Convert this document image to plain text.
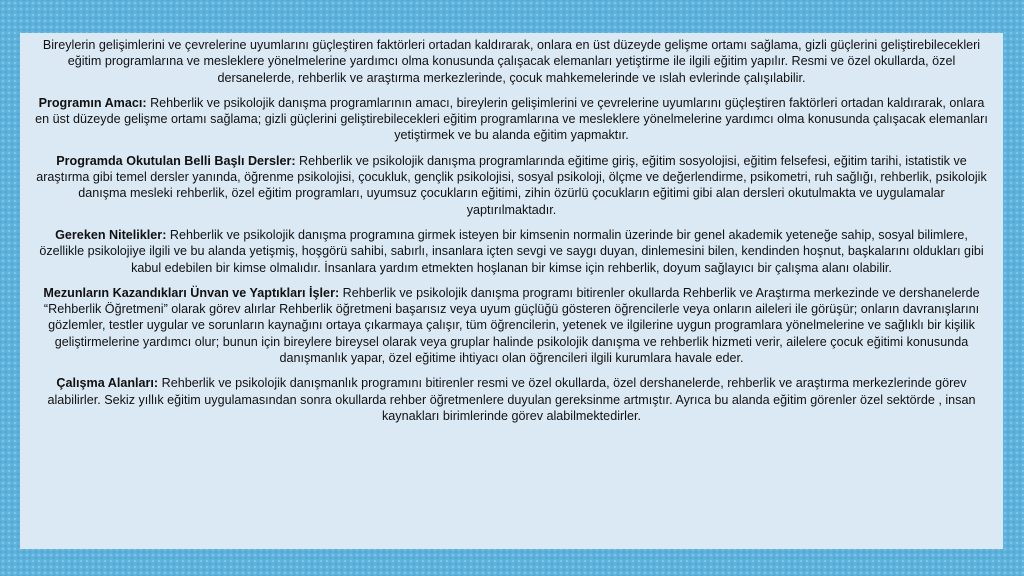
Bireylerin gelişimlerini ve çevrelerine uyumlarını güçleştiren faktörleri ortadan kaldırarak, onlara en üst düzeyde gelişme ortamı sağlama, gizli güçlerini geliştirebilecekleri eğitim programlarına ve mesleklere yönelmelerine yardımcı olma konusunda çalışacak elemanları yetiştirme ile ilgili eğitim yapılır. Resmi ve özel okullarda, özel dersanelerde, rehberlik ve araştırma merkezlerinde, çocuk mahkemelerinde ve ıslah evlerinde çalışılabilir.

Programın Amacı: Rehberlik ve psikolojik danışma programlarının amacı, bireylerin gelişimlerini ve çevrelerine uyumlarını güçleştiren faktörleri ortadan kaldırarak, onlara en üst düzeyde gelişme ortamı sağlama; gizli güçlerini geliştirebilecekleri eğitim programlarına ve mesleklere yönelmelerine yardımcı olma konusunda çalışacak elemanları yetiştirmek ve bu alanda eğitim yapmaktır.

Programda Okutulan Belli Başlı Dersler: Rehberlik ve psikolojik danışma programlarında eğitime giriş, eğitim sosyolojisi, eğitim felsefesi, eğitim tarihi, istatistik ve araştırma gibi temel dersler yanında, öğrenme psikolojisi, çocukluk, gençlik psikolojisi, sosyal psikoloji, ölçme ve değerlendirme, psikometri, ruh sağlığı, rehberlik, psikolojik danışma mesleki rehberlik, özel eğitim programları, uyumsuz çocukların eğitimi, zihin özürlü çocukların eğitimi gibi alan dersleri okutulmakta ve uygulamalar yaptırılmaktadır.

Gereken Nitelikler: Rehberlik ve psikolojik danışma programına girmek isteyen bir kimsenin normalin üzerinde bir genel akademik yeteneğe sahip, sosyal bilimlere, özellikle psikolojiye ilgili ve bu alanda yetişmiş, hoşgörü sahibi, sabırlı, insanlara içten sevgi ve saygı duyan, dinlemesini bilen, kendinden hoşnut, başkalarını oldukları gibi kabul edebilen bir kimse olmalıdır. İnsanlara yardım etmekten hoşlanan bir kimse için rehberlik, doyum sağlayıcı bir çalışma alanı olabilir.

Mezunların Kazandıkları Ünvan ve Yaptıkları İşler: Rehberlik ve psikolojik danışma programı bitirenler okullarda Rehberlik ve Araştırma merkezinde ve dershanelerde “Rehberlik Öğretmeni” olarak görev alırlar Rehberlik öğretmeni başarısız veya uyum güçlüğü gösteren öğrencilerle veya onların aileleri ile görüşür; onların davranışlarını gözlemler, testler uygular ve sorunların kaynağını ortaya çıkarmaya çalışır, tüm öğrencilerin, yetenek ve ilgilerine uygun programlara yönelmelerine ve sağlıklı bir kişilik geliştirmelerine yardımcı olur; bunun için bireylere bireysel olarak veya gruplar halinde psikolojik danışma ve rehberlik hizmeti verir, ailelere çocuk eğitimi konusunda danışmanlık yapar, özel eğitime ihtiyacı olan öğrencileri ilgili kurumlara havale eder.

Çalışma Alanları: Rehberlik ve psikolojik danışmanlık programını bitirenler resmi ve özel okullarda, özel dershanelerde, rehberlik ve araştırma merkezlerinde görev alabilirler. Sekiz yıllık eğitim uygulamasından sonra okullarda rehber öğretmenlere duyulan gereksinme artmıştır. Ayrıca bu alanda eğitim görenler özel sektörde , insan kaynakları birimlerinde görev alabilmektedirler.
